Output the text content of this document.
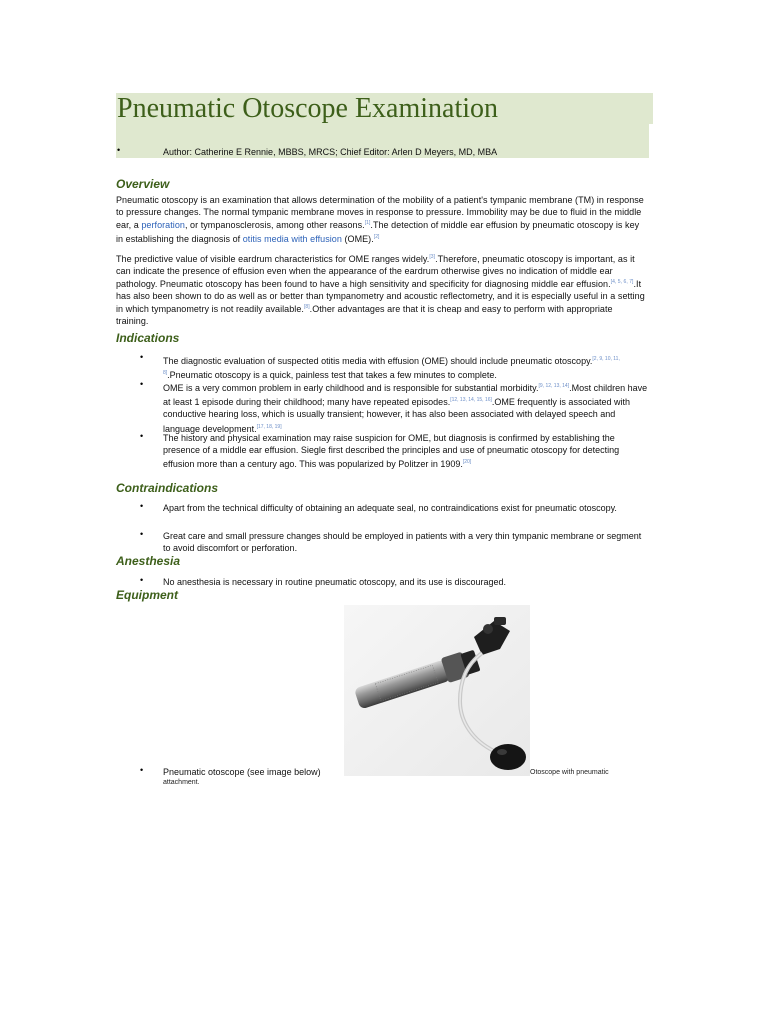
Pneumatic Otoscope Examination
•	Author: Catherine E Rennie, MBBS, MRCS; Chief Editor: Arlen D Meyers, MD, MBA
Overview

Pneumatic otoscopy is an examination that allows determination of the mobility of a patient's tympanic membrane (TM) in response to pressure changes. The normal tympanic membrane moves in response to pressure. Immobility may be due to fluid in the middle ear, a perforation, or tympanosclerosis, among other reasons.[1].The detection of middle ear effusion by pneumatic otoscopy is key in establishing the diagnosis of otitis media with effusion (OME).[2]

The predictive value of visible eardrum characteristics for OME ranges widely.[3].Therefore, pneumatic otoscopy is important, as it can indicate the presence of effusion even when the appearance of the eardrum otherwise gives no indication of middle ear pathology. Pneumatic otoscopy has been found to have a high sensitivity and specificity for diagnosing middle ear effusion.[4, 5, 6, 7].It has also been shown to do as well as or better than tympanometry and acoustic reflectometry, and it is especially useful in a setting in which tympanometry is not readily available.[8].Other advantages are that it is cheap and easy to perform with appropriate training.

Indications
• The diagnostic evaluation of suspected otitis media with effusion (OME) should include pneumatic otoscopy.[2, 9, 10, 11, 8].Pneumatic otoscopy is a quick, painless test that takes a few minutes to complete.
• OME is a very common problem in early childhood and is responsible for substantial morbidity.[9, 12, 13, 14].Most children have at least 1 episode during their childhood; many have repeated episodes.[12, 13, 14, 15, 16].OME frequently is associated with conductive hearing loss, which is usually transient; however, it has also been associated with delayed speech and language development.[17, 18, 19]
• The history and physical examination may raise suspicion for OME, but diagnosis is confirmed by establishing the presence of a middle ear effusion. Siegle first described the principles and use of pneumatic otoscopy for detecting effusion more than a century ago. This was popularized by Politzer in 1909.[20]
Contraindications
• Apart from the technical difficulty of obtaining an adequate seal, no contraindications exist for pneumatic otoscopy.
• Great care and small pressure changes should be employed in patients with a very thin tympanic membrane or segment to avoid discomfort or perforation.
Anesthesia
• No anesthesia is necessary in routine pneumatic otoscopy, and its use is discouraged.
Equipment
• Pneumatic otoscope (see image below)	Otoscope with pneumatic
attachment.
